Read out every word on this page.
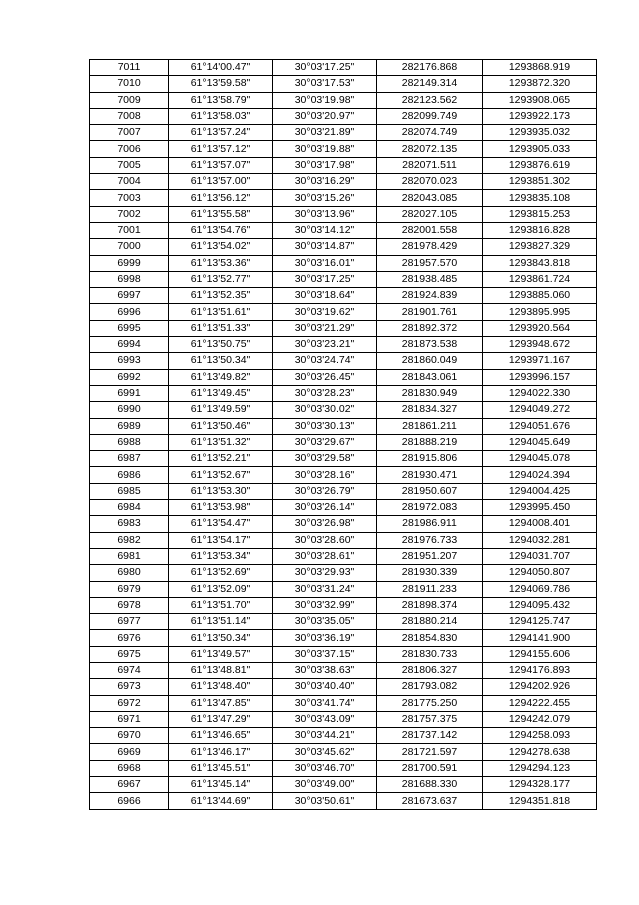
7011	61°14'00.47"	30°03'17.25"	282176.868	1293868.919
7010	61°13'59.58"	30°03'17.53"	282149.314	1293872.320
7009	61°13'58.79"	30°03'19.98"	282123.562	1293908.065
7008	61°13'58.03"	30°03'20.97"	282099.749	1293922.173
7007	61°13'57.24"	30°03'21.89"	282074.749	1293935.032
7006	61°13'57.12"	30°03'19.88"	282072.135	1293905.033
7005	61°13'57.07"	30°03'17.98"	282071.511	1293876.619
7004	61°13'57.00"	30°03'16.29"	282070.023	1293851.302
7003	61°13'56.12"	30°03'15.26"	282043.085	1293835.108
7002	61°13'55.58"	30°03'13.96"	282027.105	1293815.253
7001	61°13'54.76"	30°03'14.12"	282001.558	1293816.828
7000	61°13'54.02"	30°03'14.87"	281978.429	1293827.329
6999	61°13'53.36"	30°03'16.01"	281957.570	1293843.818
6998	61°13'52.77"	30°03'17.25"	281938.485	1293861.724
6997	61°13'52.35"	30°03'18.64"	281924.839	1293885.060
6996	61°13'51.61"	30°03'19.62"	281901.761	1293895.995
6995	61°13'51.33"	30°03'21.29"	281892.372	1293920.564
6994	61°13'50.75"	30°03'23.21"	281873.538	1293948.672
6993	61°13'50.34"	30°03'24.74"	281860.049	1293971.167
6992	61°13'49.82"	30°03'26.45"	281843.061	1293996.157
6991	61°13'49.45"	30°03'28.23"	281830.949	1294022.330
6990	61°13'49.59"	30°03'30.02"	281834.327	1294049.272
6989	61°13'50.46"	30°03'30.13"	281861.211	1294051.676
6988	61°13'51.32"	30°03'29.67"	281888.219	1294045.649
6987	61°13'52.21"	30°03'29.58"	281915.806	1294045.078
6986	61°13'52.67"	30°03'28.16"	281930.471	1294024.394
6985	61°13'53.30"	30°03'26.79"	281950.607	1294004.425
6984	61°13'53.98"	30°03'26.14"	281972.083	1293995.450
6983	61°13'54.47"	30°03'26.98"	281986.911	1294008.401
6982	61°13'54.17"	30°03'28.60"	281976.733	1294032.281
6981	61°13'53.34"	30°03'28.61"	281951.207	1294031.707
6980	61°13'52.69"	30°03'29.93"	281930.339	1294050.807
6979	61°13'52.09"	30°03'31.24"	281911.233	1294069.786
6978	61°13'51.70"	30°03'32.99"	281898.374	1294095.432
6977	61°13'51.14"	30°03'35.05"	281880.214	1294125.747
6976	61°13'50.34"	30°03'36.19"	281854.830	1294141.900
6975	61°13'49.57"	30°03'37.15"	281830.733	1294155.606
6974	61°13'48.81"	30°03'38.63"	281806.327	1294176.893
6973	61°13'48.40"	30°03'40.40"	281793.082	1294202.926
6972	61°13'47.85"	30°03'41.74"	281775.250	1294222.455
6971	61°13'47.29"	30°03'43.09"	281757.375	1294242.079
6970	61°13'46.65"	30°03'44.21"	281737.142	1294258.093
6969	61°13'46.17"	30°03'45.62"	281721.597	1294278.638
6968	61°13'45.51"	30°03'46.70"	281700.591	1294294.123
6967	61°13'45.14"	30°03'49.00"	281688.330	1294328.177
6966	61°13'44.69"	30°03'50.61"	281673.637	1294351.818
